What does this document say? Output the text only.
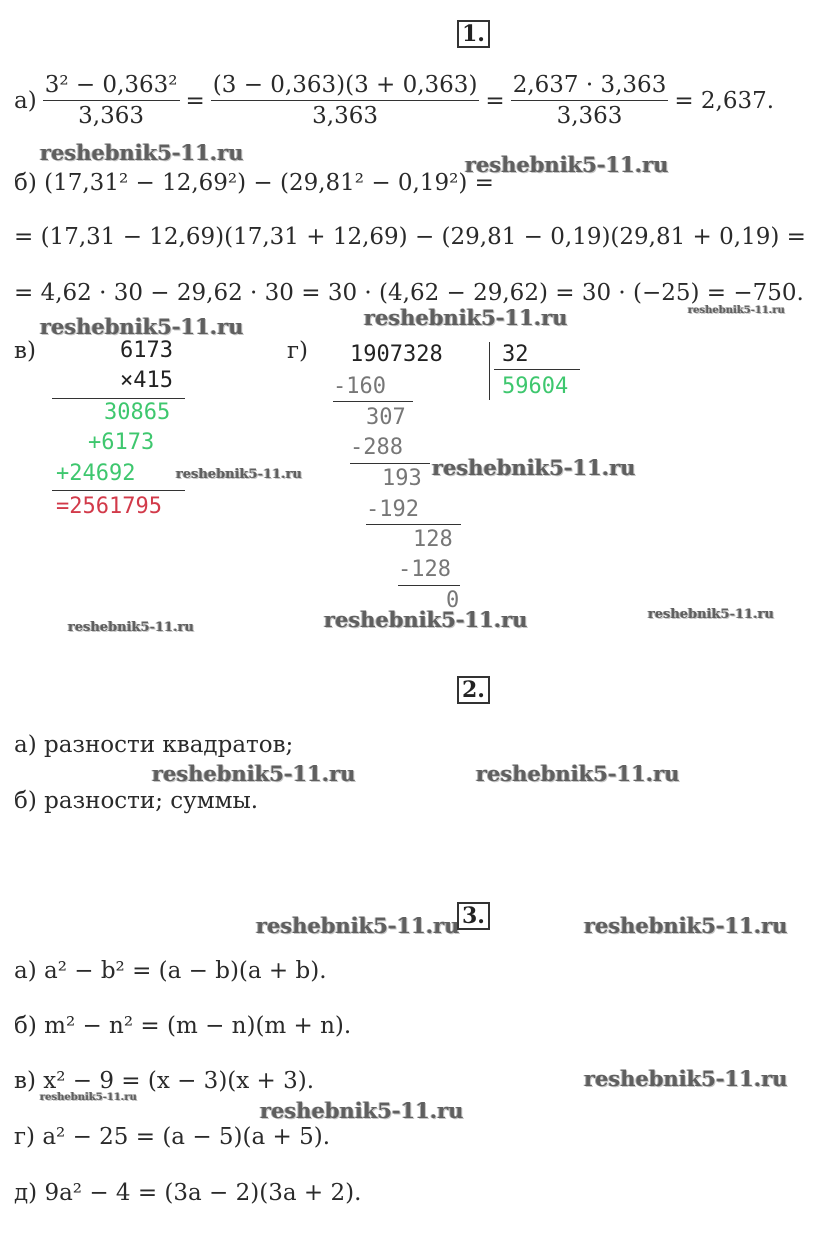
1.
$а) \frac{\text{3² − 0,363²}}{3,363} = \frac{(3 - 0,363)(3 + 0,363)}{3,363} = \frac{2,637 \cdot 3,363}{3,363} = 2,637$.
reshebnik5-11.ru	reshebnik5-11.ru
б) (17,31² − 12,69²) − (29,81² − 0,19²) =
= (17,31 − 12,69)(17,31 + 12,69) − (29,81 − 0,19)(29,81 + 0,19) =
= 4,62 · 30 − 29,62 · 30 = 30 · (4,62 − 29,62) = 30 · (−25) = −750.
reshebnik5-11.ru
reshebnik5-11.ru	reshebnik5-11.ru
в)	6173
×415
30865
+6173
+24692	reshebnik5-11.ru
=2561795
г) 1907328	32
59604
-160
307
-288
193 reshebnik5-11.ru
-192
128
-128
0
reshebnik5-11.ru	reshebnik5-11.ru	reshebnik5-11.ru
2.
а) разности квадратов;
reshebnik5-11.ru	reshebnik5-11.ru
б) разности; суммы.
reshebnik5-11.ru 3.	reshebnik5-11.ru
а) a² − b² = (a − b)(a + b).
б) m² − n² = (m − n)(m + n).
в) x² − 9 = (x − 3)(x + 3).	reshebnik5-11.ru
reshebnik5-11.ru
reshebnik5-11.ru
г) a² − 25 = (a − 5)(a + 5).
д) 9a² − 4 = (3a − 2)(3a + 2).
